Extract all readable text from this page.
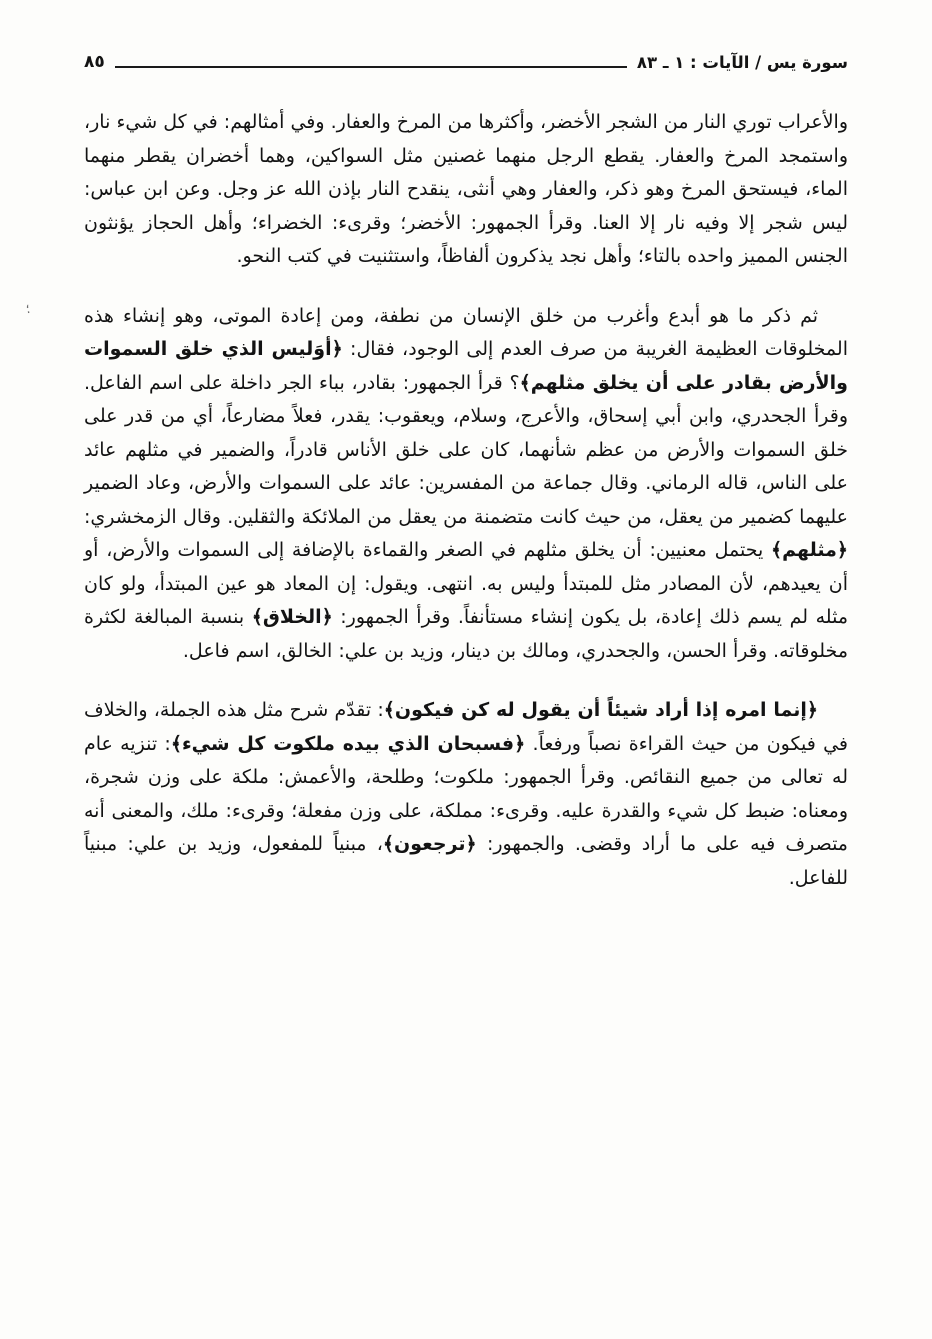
سورة يس / الآيات : ١ ـ ٨٣
٨٥

والأعراب توري النار من الشجر الأخضر، وأكثرها من المرخ والعفار. وفي أمثالهم: في كل شيء نار، واستمجد المرخ والعفار. يقطع الرجل منهما غصنين مثل السواكين، وهما أخضران يقطر منهما الماء، فيستحق المرخ وهو ذكر، والعفار وهي أنثى، ينقدح النار بإذن الله عز وجل. وعن ابن عباس: ليس شجر إلا وفيه نار إلا العنا. وقرأ الجمهور: الأخضر؛ وقرىء: الخضراء؛ وأهل الحجاز يؤنثون الجنس المميز واحده بالتاء؛ وأهل نجد يذكرون ألفاظاً، واستثنيت في كتب النحو.

ثم ذكر ما هو أبدع وأغرب من خلق الإنسان من نطفة، ومن إعادة الموتى، وهو إنشاء هذه المخلوقات العظيمة الغريبة من صرف العدم إلى الوجود، فقال: ﴿أوَليس الذي خلق السموات والأرض بقادر على أن يخلق مثلهم﴾؟ قرأ الجمهور: بقادر، بباء الجر داخلة على اسم الفاعل. وقرأ الجحدري، وابن أبي إسحاق، والأعرج، وسلام، ويعقوب: يقدر، فعلاً مضارعاً، أي من قدر على خلق السموات والأرض من عظم شأنهما، كان على خلق الأناس قادراً، والضمير في مثلهم عائد على الناس، قاله الرماني. وقال جماعة من المفسرين: عائد على السموات والأرض، وعاد الضمير عليهما كضمير من يعقل، من حيث كانت متضمنة من يعقل من الملائكة والثقلين. وقال الزمخشري: ﴿مثلهم﴾ يحتمل معنيين: أن يخلق مثلهم في الصغر والقماءة بالإضافة إلى السموات والأرض، أو أن يعيدهم، لأن المصادر مثل للمبتدأ وليس به. انتهى. ويقول: إن المعاد هو عين المبتدأ، ولو كان مثله لم يسم ذلك إعادة، بل يكون إنشاء مستأنفاً. وقرأ الجمهور: ﴿الخلاق﴾ بنسبة المبالغة لكثرة مخلوقاته. وقرأ الحسن، والجحدري، ومالك بن دينار، وزيد بن علي: الخالق، اسم فاعل.

﴿إنما امره إذا أراد شيئاً أن يقول له كن فيكون﴾: تقدّم شرح مثل هذه الجملة، والخلاف في فيكون من حيث القراءة نصباً ورفعاً. ﴿فسبحان الذي بيده ملكوت كل شيء﴾: تنزيه عام له تعالى من جميع النقائص. وقرأ الجمهور: ملكوت؛ وطلحة، والأعمش: ملكة على وزن شجرة، ومعناه: ضبط كل شيء والقدرة عليه. وقرىء: مملكة، على وزن مفعلة؛ وقرىء: ملك، والمعنى أنه متصرف فيه على ما أراد وقضى. والجمهور: ﴿ترجعون﴾، مبنياً للمفعول، وزيد بن علي: مبنياً للفاعل.

؛
